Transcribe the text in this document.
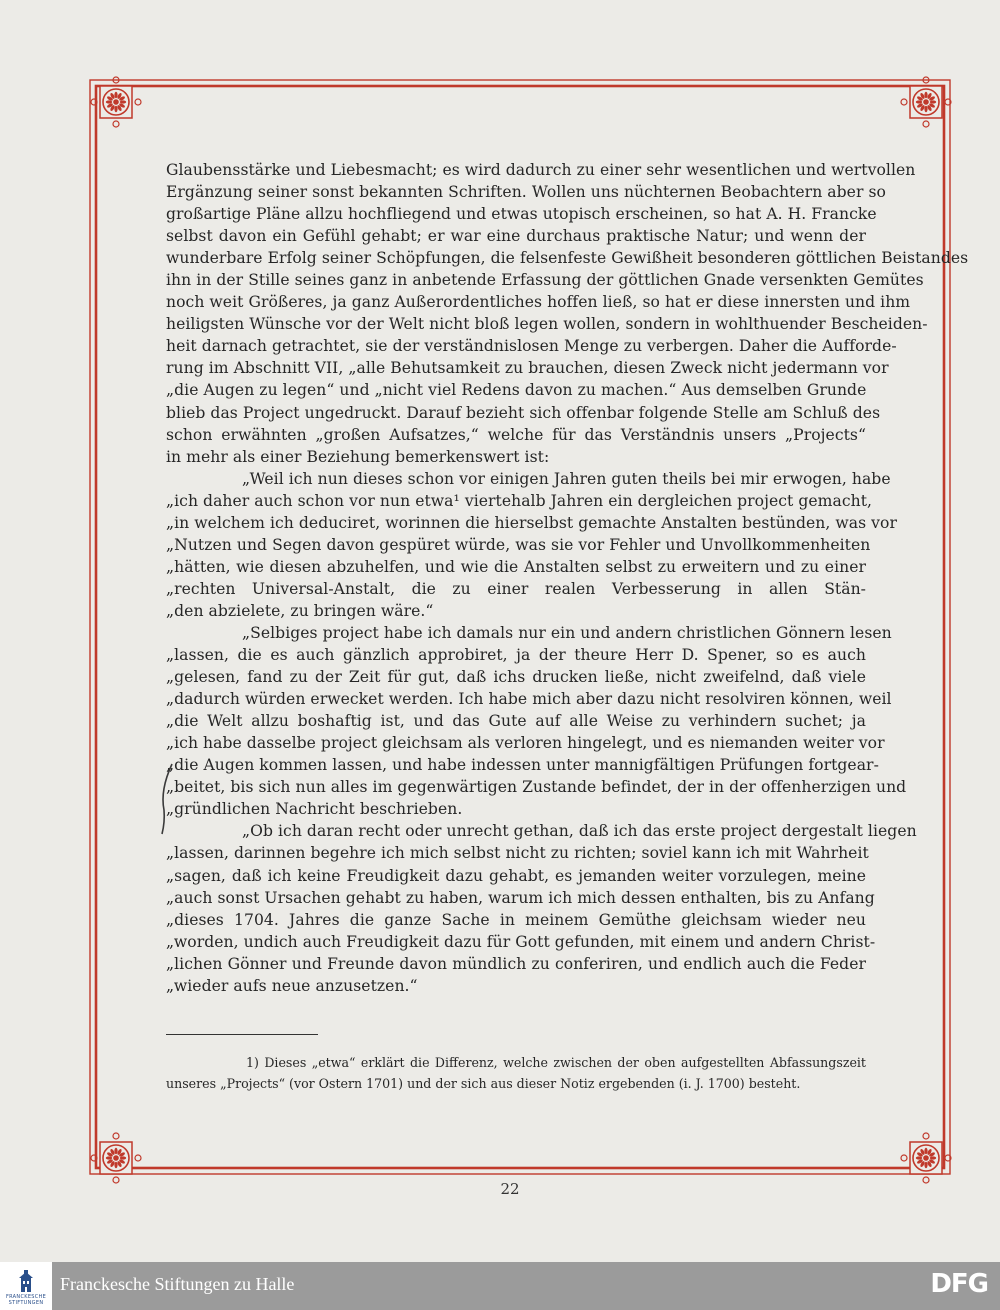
Glaubensstärke und Liebesmacht; es wird dadurch zu einer sehr wesentlichen und wertvollen
Ergänzung seiner sonst bekannten Schriften. Wollen uns nüchternen Beobachtern aber so
großartige Pläne allzu hochfliegend und etwas utopisch erscheinen, so hat A. H. Francke
selbst davon ein Gefühl gehabt; er war eine durchaus praktische Natur; und wenn der
wunderbare Erfolg seiner Schöpfungen, die felsenfeste Gewißheit besonderen göttlichen Beistandes
ihn in der Stille seines ganz in anbetende Erfassung der göttlichen Gnade versenkten Gemütes
noch weit Größeres, ja ganz Außerordentliches hoffen ließ, so hat er diese innersten und ihm
heiligsten Wünsche vor der Welt nicht bloß legen wollen, sondern in wohlthuender Bescheiden-
heit darnach getrachtet, sie der verständnislosen Menge zu verbergen. Daher die Aufforde-
rung im Abschnitt VII, „alle Behutsamkeit zu brauchen, diesen Zweck nicht jedermann vor
„die Augen zu legen“ und „nicht viel Redens davon zu machen.“ Aus demselben Grunde
blieb das Project ungedruckt. Darauf bezieht sich offenbar folgende Stelle am Schluß des
schon erwähnten „großen Aufsatzes,“ welche für das Verständnis unsers „Projects“
in mehr als einer Beziehung bemerkenswert ist:
„Weil ich nun dieses schon vor einigen Jahren guten theils bei mir erwogen, habe
„ich daher auch schon vor nun etwa¹ viertehalb Jahren ein dergleichen project gemacht,
„in welchem ich deduciret, worinnen die hierselbst gemachte Anstalten bestünden, was vor
„Nutzen und Segen davon gespüret würde, was sie vor Fehler und Unvollkommenheiten
„hätten, wie diesen abzuhelfen, und wie die Anstalten selbst zu erweitern und zu einer
„rechten Universal-Anstalt, die zu einer realen Verbesserung in allen Stän-
„den abzielete, zu bringen wäre.“
„Selbiges project habe ich damals nur ein und andern christlichen Gönnern lesen
„lassen, die es auch gänzlich approbiret, ja der theure Herr D. Spener, so es auch
„gelesen, fand zu der Zeit für gut, daß ichs drucken ließe, nicht zweifelnd, daß viele
„dadurch würden erwecket werden. Ich habe mich aber dazu nicht resolviren können, weil
„die Welt allzu boshaftig ist, und das Gute auf alle Weise zu verhindern suchet; ja
„ich habe dasselbe project gleichsam als verloren hingelegt, und es niemanden weiter vor
„die Augen kommen lassen, und habe indessen unter mannigfältigen Prüfungen fortgear-
„beitet, bis sich nun alles im gegenwärtigen Zustande befindet, der in der offenherzigen und
„gründlichen Nachricht beschrieben.
„Ob ich daran recht oder unrecht gethan, daß ich das erste project dergestalt liegen
„lassen, darinnen begehre ich mich selbst nicht zu richten; soviel kann ich mit Wahrheit
„sagen, daß ich keine Freudigkeit dazu gehabt, es jemanden weiter vorzulegen, meine
„auch sonst Ursachen gehabt zu haben, warum ich mich dessen enthalten, bis zu Anfang
„dieses 1704. Jahres die ganze Sache in meinem Gemüthe gleichsam wieder neu
„worden, undich auch Freudigkeit dazu für Gott gefunden, mit einem und andern Christ-
„lichen Gönner und Freunde davon mündlich zu conferiren, und endlich auch die Feder
„wieder aufs neue anzusetzen.“
1) Dieses „etwa“ erklärt die Differenz, welche zwischen der oben aufgestellten Abfassungszeit
unseres „Projects“ (vor Ostern 1701) und der sich aus dieser Notiz ergebenden (i. J. 1700) besteht.
22
FRANCKESCHE STIFTUNGEN
Franckesche Stiftungen zu Halle	DFG
